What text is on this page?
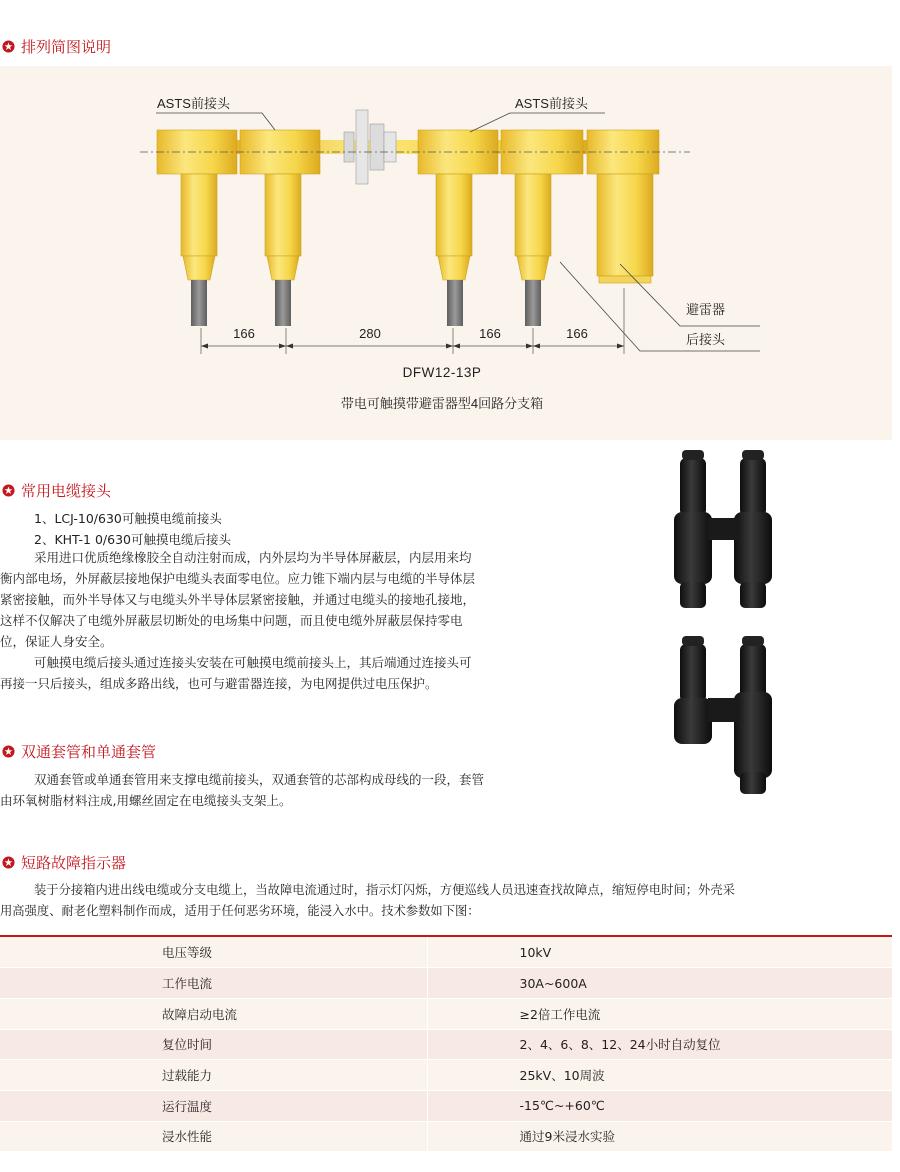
排列简图说明
ASTS前接头	ASTS前接头
避雷器
后接头
166	280	166	166
DFW12-13P
带电可触摸带避雷器型4回路分支箱
常用电缆接头
1、LCJ-10/630可触摸电缆前接头
2、KHT-1 0/630可触摸电缆后接头
采用进口优质绝缘橡胶全自动注射而成，内外层均为半导体屏蔽层，内层用来均
衡内部电场，外屏蔽层接地保护电缆头表面零电位。应力锥下端内层与电缆的半导体层
紧密接触，而外半导体又与电缆头外半导体层紧密接触，并通过电缆头的接地孔接地，
这样不仅解决了电缆外屏蔽层切断处的电场集中问题，而且使电缆外屏蔽层保持零电
位，保证人身安全。
可触摸电缆后接头通过连接头安装在可触摸电缆前接头上，其后端通过连接头可
再接一只后接头，组成多路出线，也可与避雷器连接，为电网提供过电压保护。
双通套管和单通套管
双通套管或单通套管用来支撑电缆前接头，双通套管的芯部构成母线的一段，套管
由环氧树脂材料注成,用螺丝固定在电缆接头支架上。
短路故障指示器
装于分接箱内进出线电缆或分支电缆上，当故障电流通过时，指示灯闪烁，方便巡线人员迅速查找故障点，缩短停电时间；外壳采
用高强度、耐老化塑料制作而成，适用于任何恶劣环境，能浸入水中。技术参数如下图：
电压等级	10kV
工作电流	30A~600A
故障启动电流	≥2倍工作电流
复位时间	2、4、6、8、12、24小时自动复位
过载能力	25kV、10周波
运行温度	-15℃~+60℃
浸水性能	通过9米浸水实验
